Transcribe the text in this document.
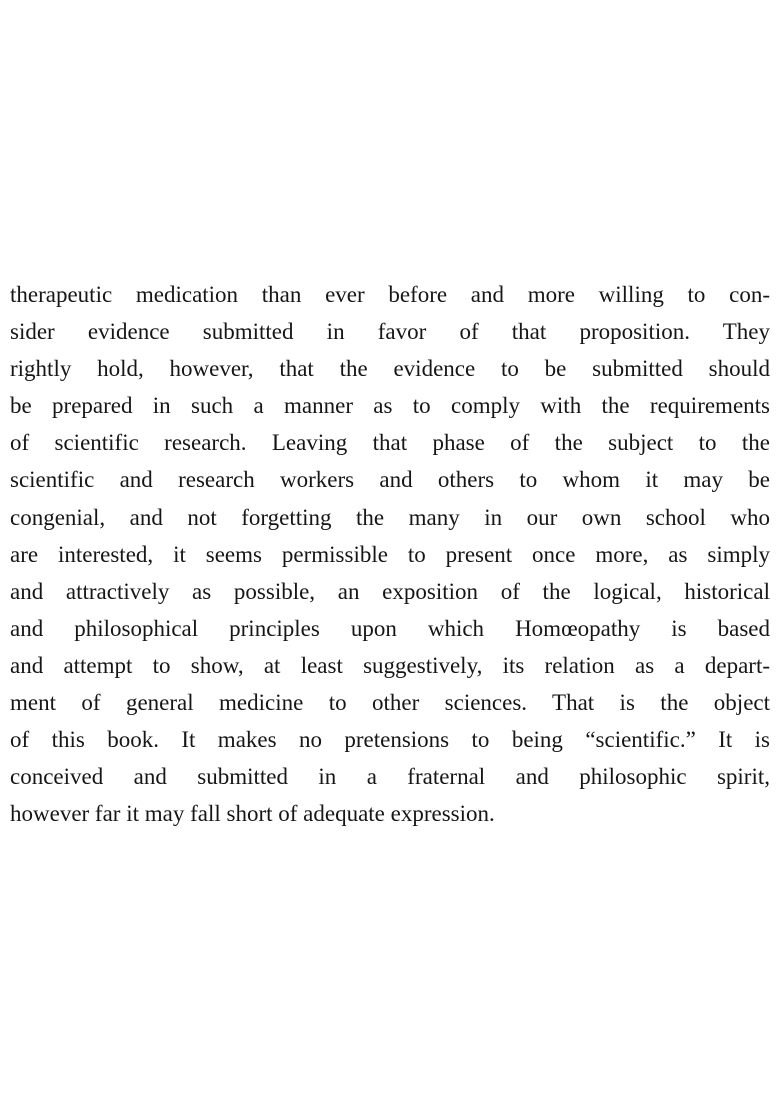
therapeutic medication than ever before and more willing to con-
sider evidence submitted in favor of that proposition. They
rightly hold, however, that the evidence to be submitted should
be prepared in such a manner as to comply with the requirements
of scientific research. Leaving that phase of the subject to the
scientific and research workers and others to whom it may be
congenial, and not forgetting the many in our own school who
are interested, it seems permissible to present once more, as simply
and attractively as possible, an exposition of the logical, historical
and philosophical principles upon which Homœopathy is based
and attempt to show, at least suggestively, its relation as a depart-
ment of general medicine to other sciences. That is the object
of this book. It makes no pretensions to being “scientific.” It is
conceived and submitted in a fraternal and philosophic spirit,
however far it may fall short of adequate expression.
